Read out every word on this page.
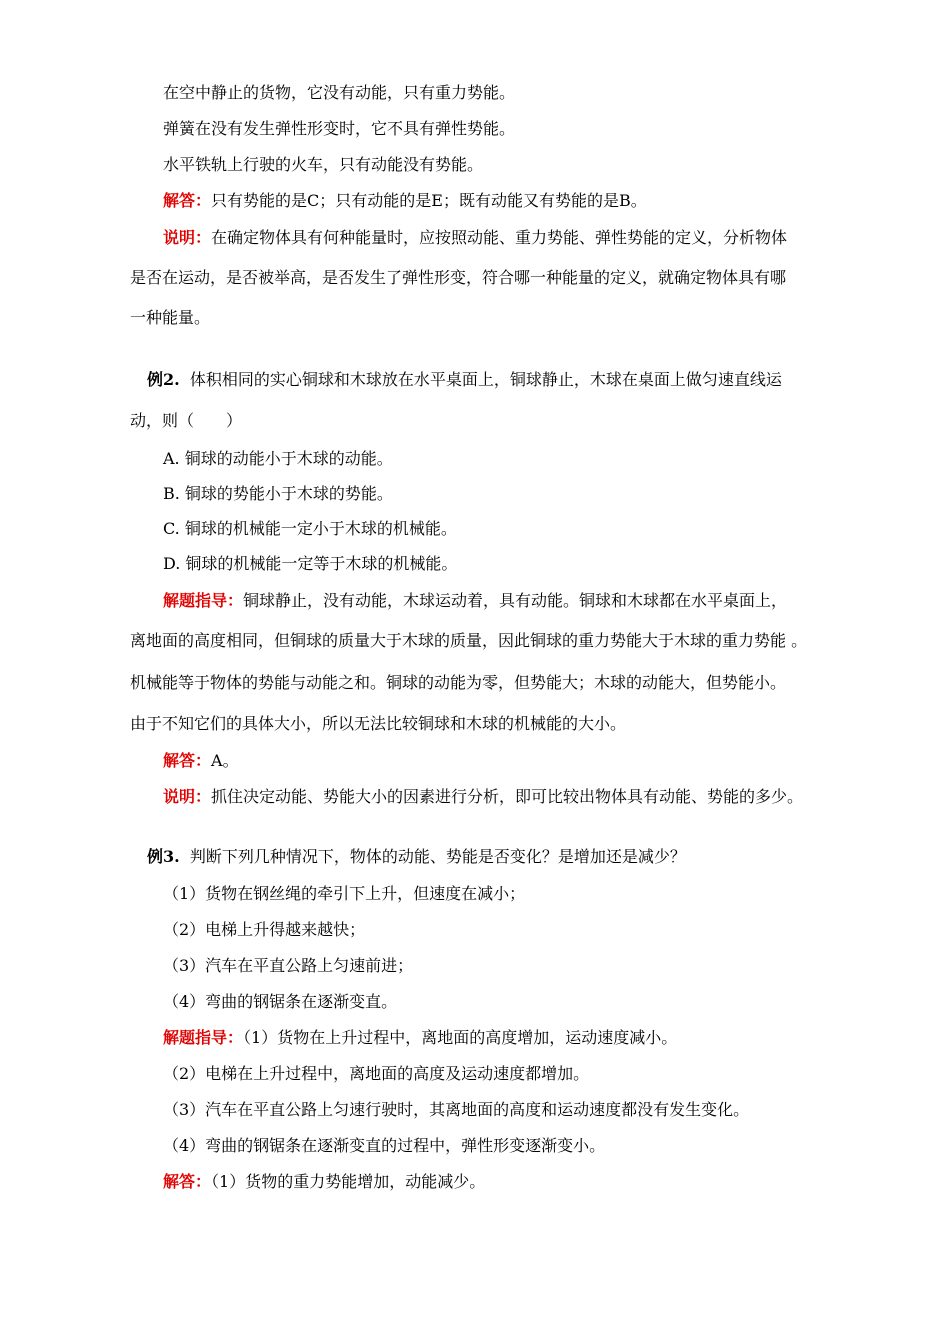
在空中静止的货物，它没有动能，只有重力势能。
弹簧在没有发生弹性形变时，它不具有弹性势能。
水平铁轨上行驶的火车，只有动能没有势能。
解答：只有势能的是C；只有动能的是E；既有动能又有势能的是B。
说明：在确定物体具有何种能量时，应按照动能、重力势能、弹性势能的定义，分析物体
是否在运动，是否被举高，是否发生了弹性形变，符合哪一种能量的定义，就确定物体具有哪
一种能量。
例2. 体积相同的实心铜球和木球放在水平桌面上，铜球静止，木球在桌面上做匀速直线运
动，则（　　）
A. 铜球的动能小于木球的动能。
B. 铜球的势能小于木球的势能。
C. 铜球的机械能一定小于木球的机械能。
D. 铜球的机械能一定等于木球的机械能。
解题指导：铜球静止，没有动能，木球运动着，具有动能。铜球和木球都在水平桌面上，
离地面的高度相同，但铜球的质量大于木球的质量，因此铜球的重力势能大于木球的重力势能 。
机械能等于物体的势能与动能之和。铜球的动能为零，但势能大；木球的动能大，但势能小。
由于不知它们的具体大小，所以无法比较铜球和木球的机械能的大小。
解答：A。
说明：抓住决定动能、势能大小的因素进行分析，即可比较出物体具有动能、势能的多少。
例3. 判断下列几种情况下，物体的动能、势能是否变化？是增加还是减少？
（1）货物在钢丝绳的牵引下上升，但速度在减小；
（2）电梯上升得越来越快；
（3）汽车在平直公路上匀速前进；
（4）弯曲的钢锯条在逐渐变直。
解题指导：（1）货物在上升过程中，离地面的高度增加，运动速度减小。
（2）电梯在上升过程中，离地面的高度及运动速度都增加。
（3）汽车在平直公路上匀速行驶时，其离地面的高度和运动速度都没有发生变化。
（4）弯曲的钢锯条在逐渐变直的过程中，弹性形变逐渐变小。
解答：（1）货物的重力势能增加，动能减少。
